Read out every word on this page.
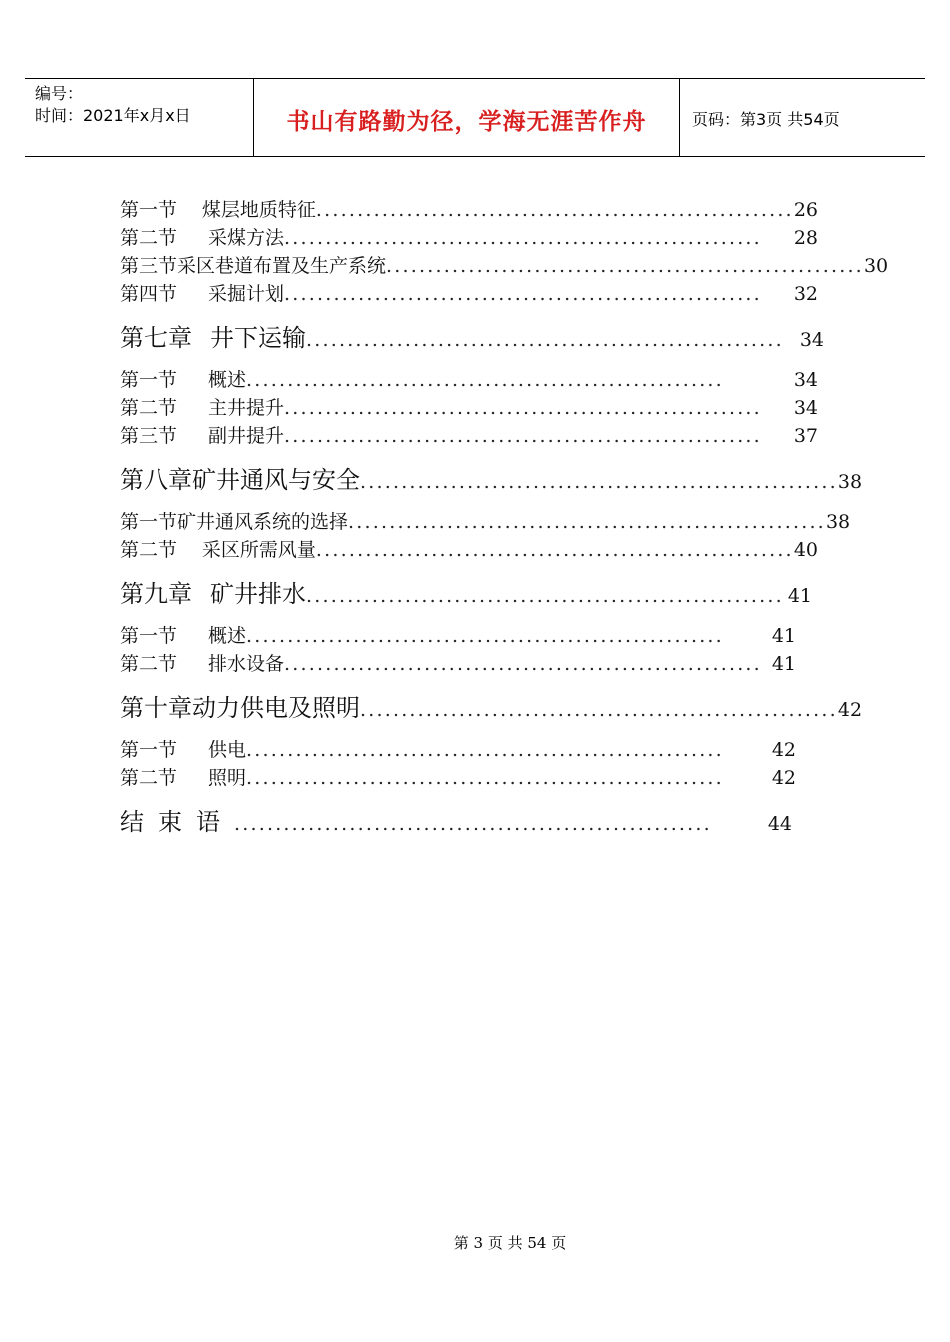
编号：
时间：2021年x月x日	书山有路勤为径，学海无涯苦作舟	页码：第3页 共54页
第一节	煤层地质特征 .......................................................... 26
第二节	采煤方法 ..........................................................	28
第三节 采区巷道布置及生产系统 .......................................................... 30
第四节	采掘计划 ..........................................................	32
第七章 井下运输 .......................................................... 34
第一节	概述 ..........................................................	34
第二节	主井提升 ..........................................................	34
第三节	副井提升 ..........................................................	37
第八章 矿井通风与安全 .......................................................... 38
第一节 矿井通风系统的选择 .......................................................... 38
第二节	采区所需风量 .......................................................... 40
第九章 矿井排水 .......................................................... 41
第一节	概述 ..........................................................	41
第二节	排水设备 .......................................................... 41
第十章 动力供电及照明 .......................................................... 42
第一节	供电 ..........................................................	42
第二节	照明 ..........................................................	42
结束语 ..........................................................	44
第 3 页 共 54 页
